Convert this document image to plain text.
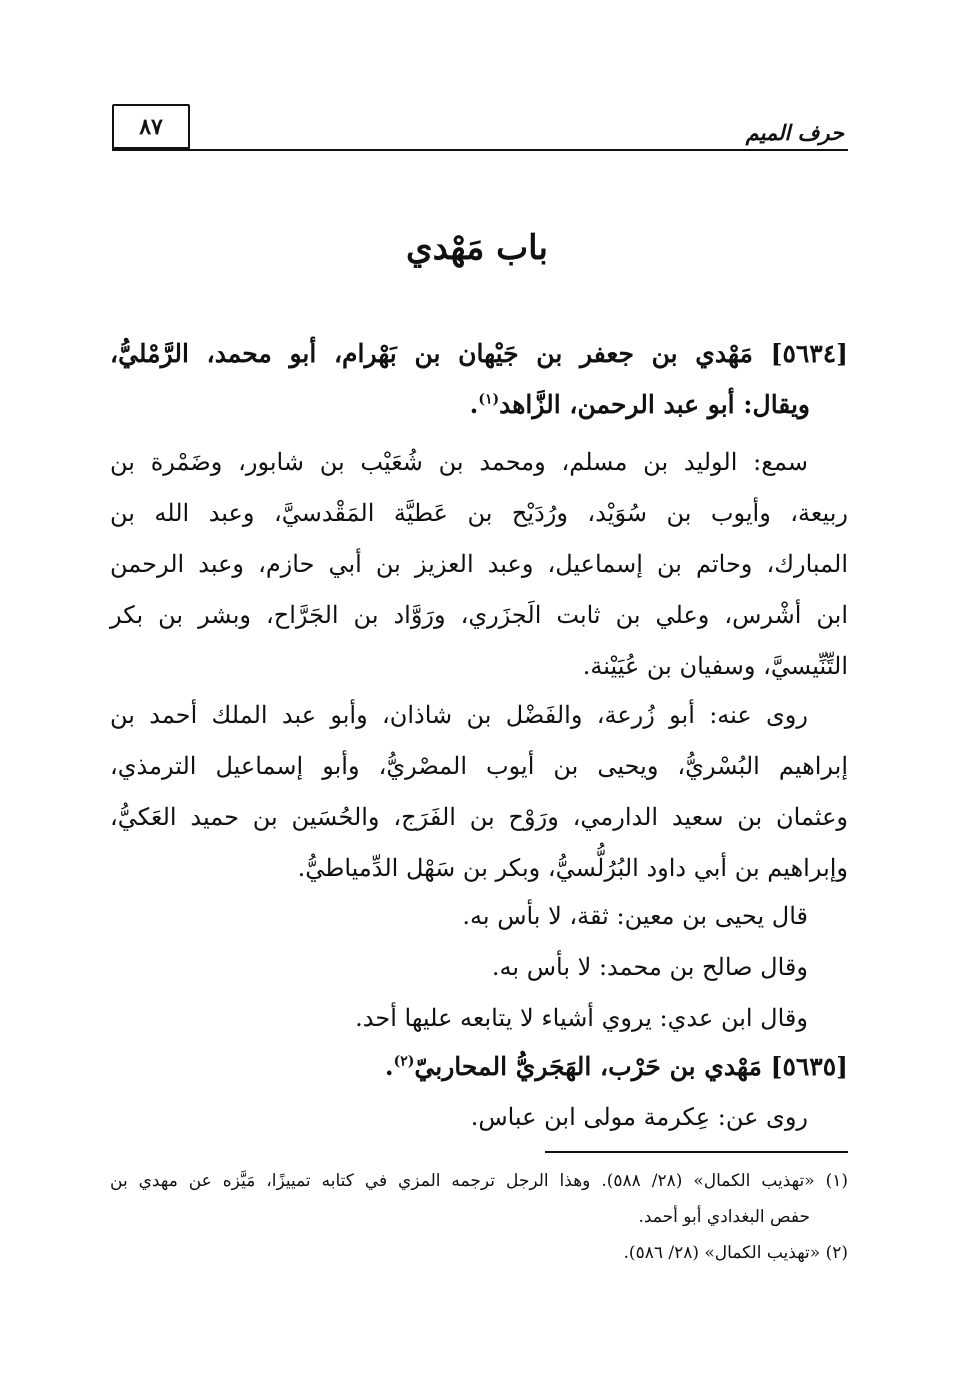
٨٧	حرف الميم
باب مَهْدي
[٥٦٣٤] مَهْدي بن جعفر بن جَيْهان بن بَهْرام، أبو محمد، الرَّمْليُّ،
ويقال: أبو عبد الرحمن، الزَّاهد$^{(١)}$.
سمع: الوليد بن مسلم، ومحمد بن شُعَيْب بن شابور، وضَمْرة بن
ربيعة، وأيوب بن سُوَيْد، ورُدَيْح بن عَطيَّة المَقْدسيَّ، وعبد الله بن
المبارك، وحاتم بن إسماعيل، وعبد العزيز بن أبي حازم، وعبد الرحمن
ابن أشْرس، وعلي بن ثابت الَجزَري، ورَوَّاد بن الجَرَّاح، وبشر بن بكر
التِّنِّيسيَّ، وسفيان بن عُيَيْنة.
روى عنه: أبو زُرعة، والفَضْل بن شاذان، وأبو عبد الملك أحمد بن
إبراهيم البُسْريُّ، ويحيى بن أيوب المصْريُّ، وأبو إسماعيل الترمذي،
وعثمان بن سعيد الدارمي، ورَوْح بن الفَرَج، والحُسَين بن حميد العَكيُّ،
وإبراهيم بن أبي داود البُرُلُّسيُّ، وبكر بن سَهْل الدِّمياطيُّ.
قال يحيى بن معين: ثقة، لا بأس به.
وقال صالح بن محمد: لا بأس به.
وقال ابن عدي: يروي أشياء لا يتابعه عليها أحد.
[٥٦٣٥] مَهْدي بن حَرْب، الهَجَريُّ المحاربيّ$^{(٢)}$.
روى عن: عِكرمة مولى ابن عباس.
(١) «تهذيب الكمال» (٢٨/ ٥٨٨). وهذا الرجل ترجمه المزي في كتابه تمييزًا، مَيَّزه عن مهدي بن
حفص البغدادي أبو أحمد.
(٢) «تهذيب الكمال» (٢٨/ ٥٨٦).
